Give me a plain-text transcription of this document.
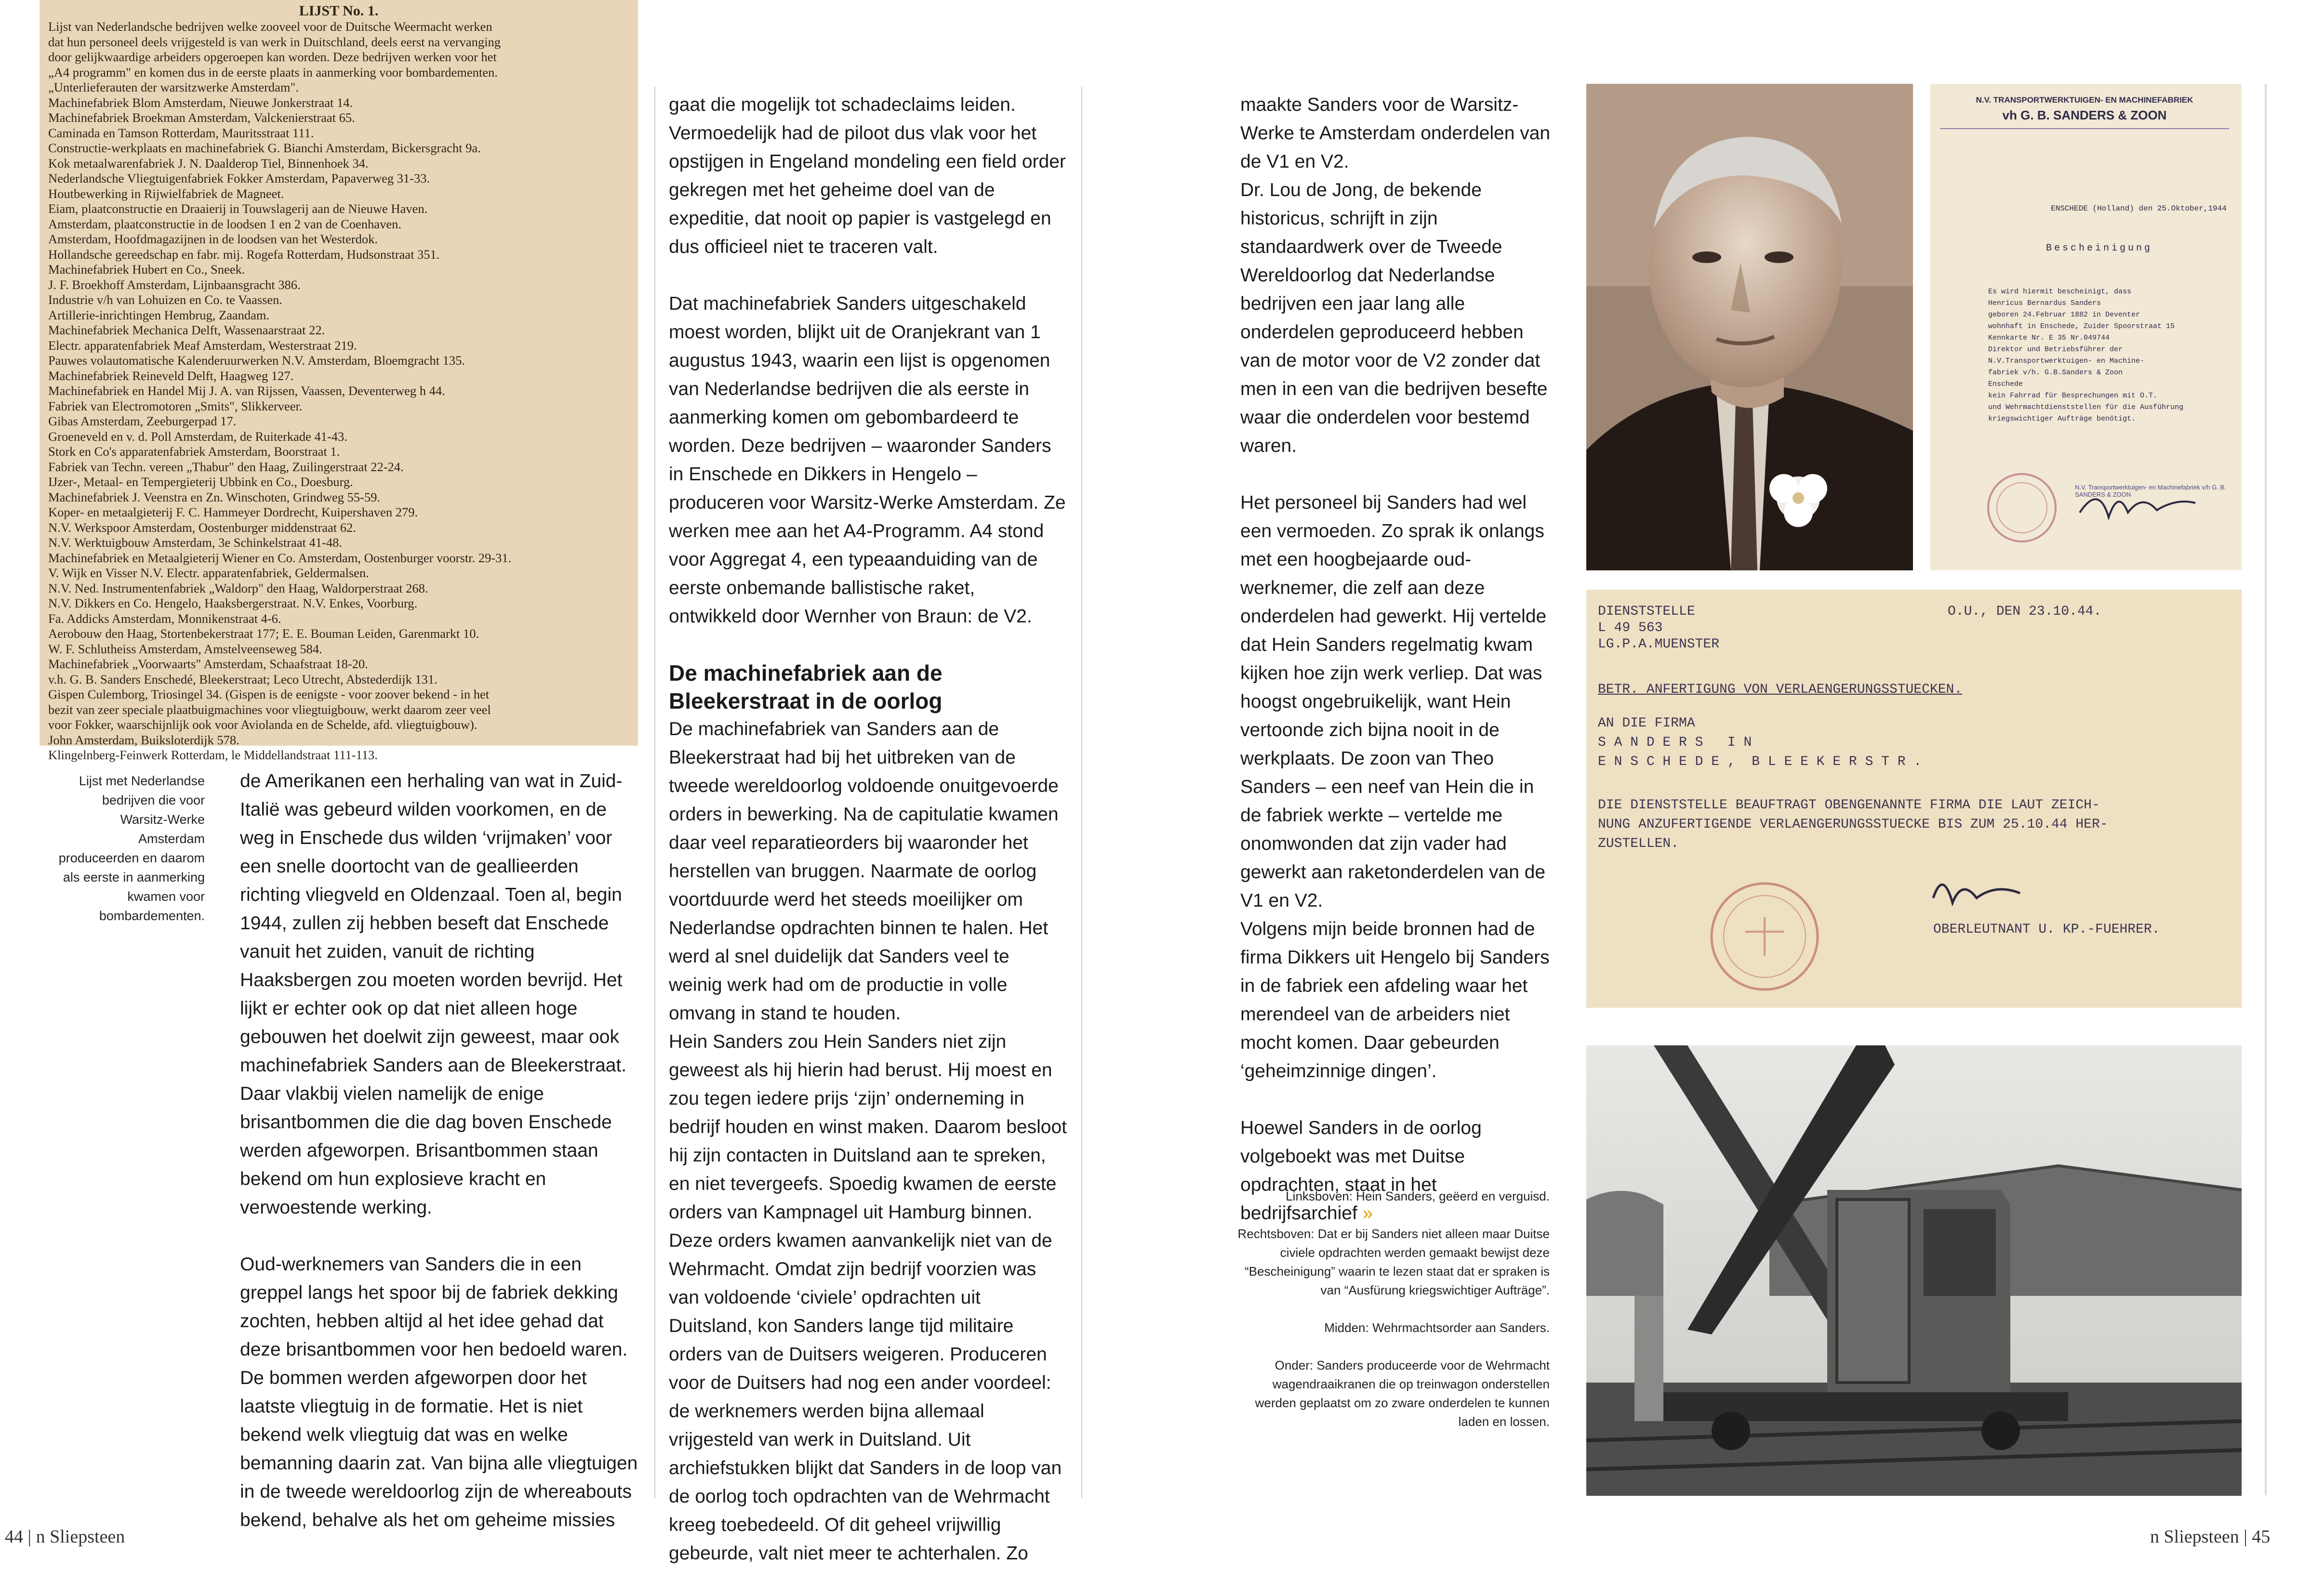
LIJST No. 1.
Lijst van Nederlandsche bedrijven welke zooveel voor de Duitsche Weermacht werken
dat hun personeel deels vrijgesteld is van werk in Duitschland, deels eerst na vervanging
door gelijkwaardige arbeiders opgeroepen kan worden. Deze bedrijven werken voor het
„A4 programm" en komen dus in de eerste plaats in aanmerking voor bombardementen.
„Unterlieferauten der warsitzwerke Amsterdam".
Machinefabriek Blom Amsterdam, Nieuwe Jonkerstraat 14.
Machinefabriek Broekman Amsterdam, Valckenierstraat 65.
Caminada en Tamson Rotterdam, Mauritsstraat 111.
Constructie-werkplaats en machinefabriek G. Bianchi Amsterdam, Bickersgracht 9a.
Kok metaalwarenfabriek J. N. Daalderop Tiel, Binnenhoek 34.
Nederlandsche Vliegtuigenfabriek Fokker Amsterdam, Papaverweg 31-33.
Houtbewerking in Rijwielfabriek de Magneet.
Eiam, plaatconstructie en Draaierij in Touwslagerij aan de Nieuwe Haven.
Amsterdam, plaatconstructie in de loodsen 1 en 2 van de Coenhaven.
Amsterdam, Hoofdmagazijnen in de loodsen van het Westerdok.
Hollandsche gereedschap en fabr. mij. Rogefa Rotterdam, Hudsonstraat 351.
Machinefabriek Hubert en Co., Sneek.
J. F. Broekhoff Amsterdam, Lijnbaansgracht 386.
Industrie v/h van Lohuizen en Co. te Vaassen.
Artillerie-inrichtingen Hembrug, Zaandam.
Machinefabriek Mechanica Delft, Wassenaarstraat 22.
Electr. apparatenfabriek Meaf Amsterdam, Westerstraat 219.
Pauwes volautomatische Kalenderuurwerken N.V. Amsterdam, Bloemgracht 135.
Machinefabriek Reineveld Delft, Haagweg 127.
Machinefabriek en Handel Mij J. A. van Rijssen, Vaassen, Deventerweg h 44.
Fabriek van Electromotoren „Smits", Slikkerveer.
Gibas Amsterdam, Zeeburgerpad 17.
Groeneveld en v. d. Poll Amsterdam, de Ruiterkade 41-43.
Stork en Co's apparatenfabriek Amsterdam, Boorstraat 1.
Fabriek van Techn. vereen „Thabur" den Haag, Zuilingerstraat 22-24.
IJzer-, Metaal- en Tempergieterij Ubbink en Co., Doesburg.
Machinefabriek J. Veenstra en Zn. Winschoten, Grindweg 55-59.
Koper- en metaalgieterij F. C. Hammeyer Dordrecht, Kuipershaven 279.
N.V. Werkspoor Amsterdam, Oostenburger middenstraat 62.
N.V. Werktuigbouw Amsterdam, 3e Schinkelstraat 41-48.
Machinefabriek en Metaalgieterij Wiener en Co. Amsterdam, Oostenburger voorstr. 29-31.
V. Wijk en Visser N.V. Electr. apparatenfabriek, Geldermalsen.
N.V. Ned. Instrumentenfabriek „Waldorp" den Haag, Waldorperstraat 268.
N.V. Dikkers en Co. Hengelo, Haaksbergerstraat. N.V. Enkes, Voorburg.
Fa. Addicks Amsterdam, Monnikenstraat 4-6.
Aerobouw den Haag, Stortenbekerstraat 177; E. E. Bouman Leiden, Garenmarkt 10.
W. F. Schlutheiss Amsterdam, Amstelveenseweg 584.
Machinefabriek „Voorwaarts" Amsterdam, Schaafstraat 18-20.
v.h. G. B. Sanders Enschedé, Bleekerstraat; Leco Utrecht, Abstederdijk 131.
Gispen Culemborg, Triosingel 34. (Gispen is de eenigste - voor zoover bekend - in het
bezit van zeer speciale plaatbuigmachines voor vliegtuigbouw, werkt daarom zeer veel
voor Fokker, waarschijnlijk ook voor Aviolanda en de Schelde, afd. vliegtuigbouw).
John Amsterdam, Buiksloterdijk 578.
Klingelnberg-Feinwerk Rotterdam, le Middellandstraat 111-113.
Lijst met Nederlandse bedrijven die voor Warsitz-Werke Amsterdam produceerden en daarom als eerste in aanmerking kwamen voor bombardementen.

de Amerikanen een herhaling van wat in Zuid-Italië was gebeurd wilden voorkomen, en de weg in Enschede dus wilden ‘vrijmaken’ voor een snelle doortocht van de geallieerden richting vliegveld en Oldenzaal. Toen al, begin 1944, zullen zij hebben beseft dat Enschede vanuit het zuiden, vanuit de richting Haaksbergen zou moeten worden bevrijd. Het lijkt er echter ook op dat niet alleen hoge gebouwen het doelwit zijn geweest, maar ook machinefabriek Sanders aan de Bleekerstraat. Daar vlakbij vielen namelijk de enige brisantbommen die die dag boven Enschede werden afgeworpen. Brisantbommen staan bekend om hun explosieve kracht en verwoestende werking.

Oud-werknemers van Sanders die in een greppel langs het spoor bij de fabriek dekking zochten, hebben altijd al het idee gehad dat deze brisantbommen voor hen bedoeld waren.

De bommen werden afgeworpen door het laatste vliegtuig in de formatie. Het is niet bekend welk vliegtuig dat was en welke bemanning daarin zat. Van bijna alle vliegtuigen in de tweede wereldoorlog zijn de whereabouts bekend, behalve als het om geheime missies

gaat die mogelijk tot schadeclaims leiden. Vermoedelijk had de piloot dus vlak voor het opstijgen in Engeland mondeling een field order gekregen met het geheime doel van de expeditie, dat nooit op papier is vastgelegd en dus officieel niet te traceren valt.

Dat machinefabriek Sanders uitgeschakeld moest worden, blijkt uit de Oranjekrant van 1 augustus 1943, waarin een lijst is opgenomen van Nederlandse bedrijven die als eerste in aanmerking komen om gebombardeerd te worden. Deze bedrijven – waaronder Sanders in Enschede en Dikkers in Hengelo – produceren voor Warsitz-Werke Amsterdam. Ze werken mee aan het A4-Programm. A4 stond voor Aggregat 4, een typeaanduiding van de eerste onbemande ballistische raket, ontwikkeld door Wernher von Braun: de V2.

De machinefabriek aan de Bleekerstraat in de oorlog

De machinefabriek van Sanders aan de Bleekerstraat had bij het uitbreken van de tweede wereldoorlog voldoende onuitgevoerde orders in bewerking. Na de capitulatie kwamen daar veel reparatieorders bij waaronder het herstellen van bruggen. Naarmate de oorlog voortduurde werd het steeds moeilijker om Nederlandse opdrachten binnen te halen. Het werd al snel duidelijk dat Sanders veel te weinig werk had om de productie in volle omvang in stand te houden.

Hein Sanders zou Hein Sanders niet zijn geweest als hij hierin had berust. Hij moest en zou tegen iedere prijs ‘zijn’ onderneming in bedrijf houden en winst maken. Daarom besloot hij zijn contacten in Duitsland aan te spreken, en niet tevergeefs. Spoedig kwamen de eerste orders van Kampnagel uit Hamburg binnen. Deze orders kwamen aanvankelijk niet van de Wehrmacht. Omdat zijn bedrijf voorzien was van voldoende ‘civiele’ opdrachten uit Duitsland, kon Sanders lange tijd militaire orders van de Duitsers weigeren. Produceren voor de Duitsers had nog een ander voordeel: de werknemers werden bijna allemaal vrijgesteld van werk in Duitsland. Uit archiefstukken blijkt dat Sanders in de loop van de oorlog toch opdrachten van de Wehrmacht kreeg toebedeeld. Of dit geheel vrijwillig gebeurde, valt niet meer te achterhalen. Zo

44 | n Sliepsteen

maakte Sanders voor de Warsitz-Werke te Amsterdam onderdelen van de V1 en V2.

Dr. Lou de Jong, de bekende historicus, schrijft in zijn standaardwerk over de Tweede Wereldoorlog dat Nederlandse bedrijven een jaar lang alle onderdelen geproduceerd hebben van de motor voor de V2 zonder dat men in een van die bedrijven besefte waar die onderdelen voor bestemd waren.

Het personeel bij Sanders had wel een vermoeden. Zo sprak ik onlangs met een hoogbejaarde oud-werknemer, die zelf aan deze onderdelen had gewerkt. Hij vertelde dat Hein Sanders regelmatig kwam kijken hoe zijn werk verliep. Dat was hoogst ongebruikelijk, want Hein vertoonde zich bijna nooit in de werkplaats. De zoon van Theo Sanders – een neef van Hein die in de fabriek werkte – vertelde me onomwonden dat zijn vader had gewerkt aan raketonderdelen van de V1 en V2.

Volgens mijn beide bronnen had de firma Dikkers uit Hengelo bij Sanders in de fabriek een afdeling waar het merendeel van de arbeiders niet mocht komen. Daar gebeurden ‘geheimzinnige dingen’.

Hoewel Sanders in de oorlog volgeboekt was met Duitse opdrachten, staat in het bedrijfsarchief »

Linksboven: Hein Sanders, geëerd en verguisd.

Rechtsboven: Dat er bij Sanders niet alleen maar Duitse civiele opdrachten werden gemaakt bewijst deze “Bescheinigung” waarin te lezen staat dat er spraken is van “Ausfürung kriegswichtiger Aufträge”.

Midden: Wehrmachtsorder aan Sanders.

Onder: Sanders produceerde voor de Wehrmacht wagendraaikranen die op treinwagon onderstellen werden geplaatst om zo zware onderdelen te kunnen laden en lossen.

N.V. TRANSPORTWERKTUIGEN- EN MACHINEFABRIEK
vh G. B. SANDERS & ZOON
ENSCHEDE (Holland) den 25.Oktober,1944
Bescheinigung
Es wird hiermit bescheinigt, dass
Henricus Bernardus Sanders
geboren 24.Februar 1882 in Deventer
wohnhaft in Enschede, Zuider Spoorstraat 15
Kennkarte Nr. E 35 Nr.049744
Direktor und Betriebsführer der
N.V.Transportwerktuigen- en Machine-
fabriek v/h. G.B.Sanders & Zoon
Enschede
kein Fahrrad für Besprechungen mit O.T.
und Wehrmachtdienststellen für die Ausführung
kriegswichtiger Aufträge benötigt.
N.V. Transportwerktuigen- en Machinefabriek v/h G. B. SANDERS & ZOON
DIENSTSTELLE	O.U., DEN 23.10.44.
L 49 563
LG.P.A.MUENSTER
BETR. ANFERTIGUNG VON VERLAENGERUNGSSTUECKEN.
AN DIE FIRMA
S A N D E R S   I N
E N S C H E D E ,  B L E E K E R S T R .
DIE DIENSTSTELLE BEAUFTRAGT OBENGENANNTE FIRMA DIE LAUT ZEICH-
NUNG ANZUFERTIGENDE VERLAENGERUNGSSTUECKE BIS ZUM 25.10.44 HER-
ZUSTELLEN.
OBERLEUTNANT U. KP.-FUEHRER.
n Sliepsteen | 45
